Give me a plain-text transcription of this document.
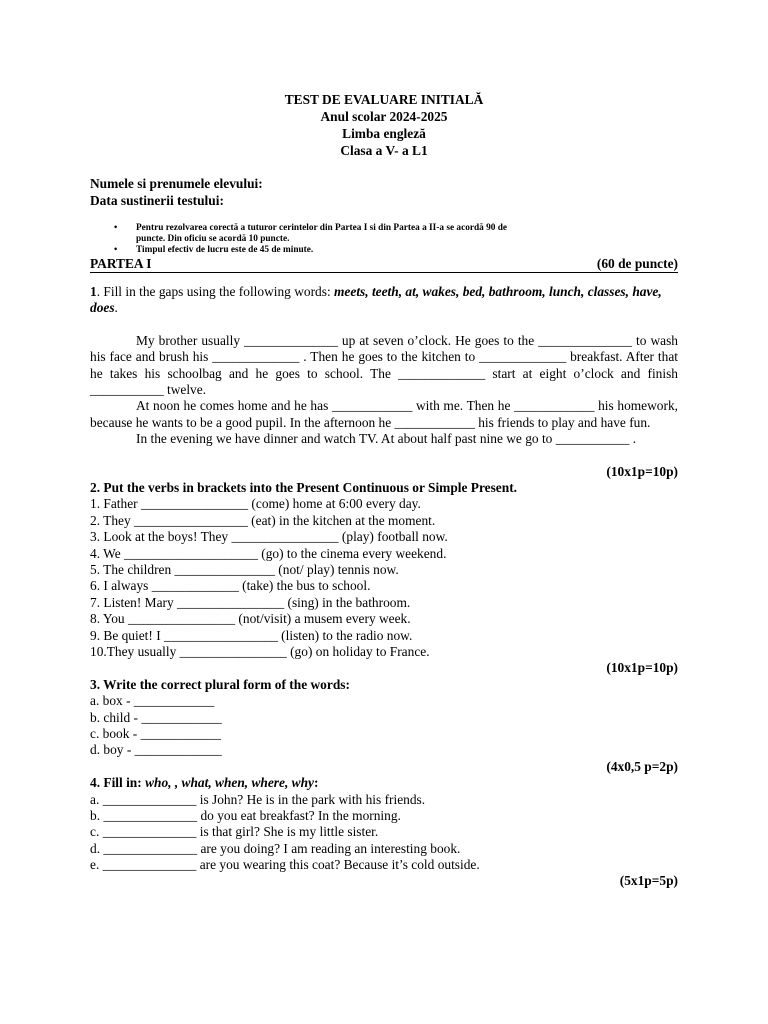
TEST DE EVALUARE INITIALĂ
Anul scolar 2024-2025
Limba engleză
Clasa a V- a L1
Numele si prenumele elevului:
Data sustinerii testului:
• Pentru rezolvarea corectă a tuturor cerintelor din Partea I si din Partea a II-a se acordă 90 de puncte. Din oficiu se acordă 10 puncte.
• Timpul efectiv de lucru este de 45 de minute.
PARTEA I	(60 de puncte)
1. Fill in the gaps using the following words: meets, teeth, at, wakes, bed, bathroom, lunch, classes, have, does.
My brother usually ______________ up at seven o’clock. He goes to the ______________ to wash his face and brush his _____________ . Then he goes to the kitchen to _____________ breakfast. After that he takes his schoolbag and he goes to school. The _____________ start at eight o’clock and finish ___________ twelve.
At noon he comes home and he has ____________ with me. Then he ____________ his homework, because he wants to be a good pupil. In the afternoon he ____________ his friends to play and have fun.
In the evening we have dinner and watch TV. At about half past nine we go to ___________ .
(10x1p=10p)
2. Put the verbs in brackets into the Present Continuous or Simple Present.
1. Father ________________ (come) home at 6:00 every day.
2. They _________________ (eat) in the kitchen at the moment.
3. Look at the boys! They ________________ (play) football now.
4. We ____________________ (go) to the cinema every weekend.
5. The children _______________ (not/ play) tennis now.
6. I always _____________ (take) the bus to school.
7. Listen! Mary ________________ (sing) in the bathroom.
8. You ________________ (not/visit) a musem every week.
9. Be quiet! I _________________ (listen) to the radio now.
10.They usually ________________ (go) on holiday to France.
(10x1p=10p)
3. Write the correct plural form of the words:
a. box - ____________
b. child - ____________
c. book - ____________
d. boy - _____________
(4x0,5 p=2p)
4. Fill in: who, , what, when, where, why:
a. ______________ is John? He is in the park with his friends.
b. ______________ do you eat breakfast? In the morning.
c. ______________ is that girl? She is my little sister.
d. ______________ are you doing? I am reading an interesting book.
e. ______________ are you wearing this coat? Because it’s cold outside.
(5x1p=5p)
